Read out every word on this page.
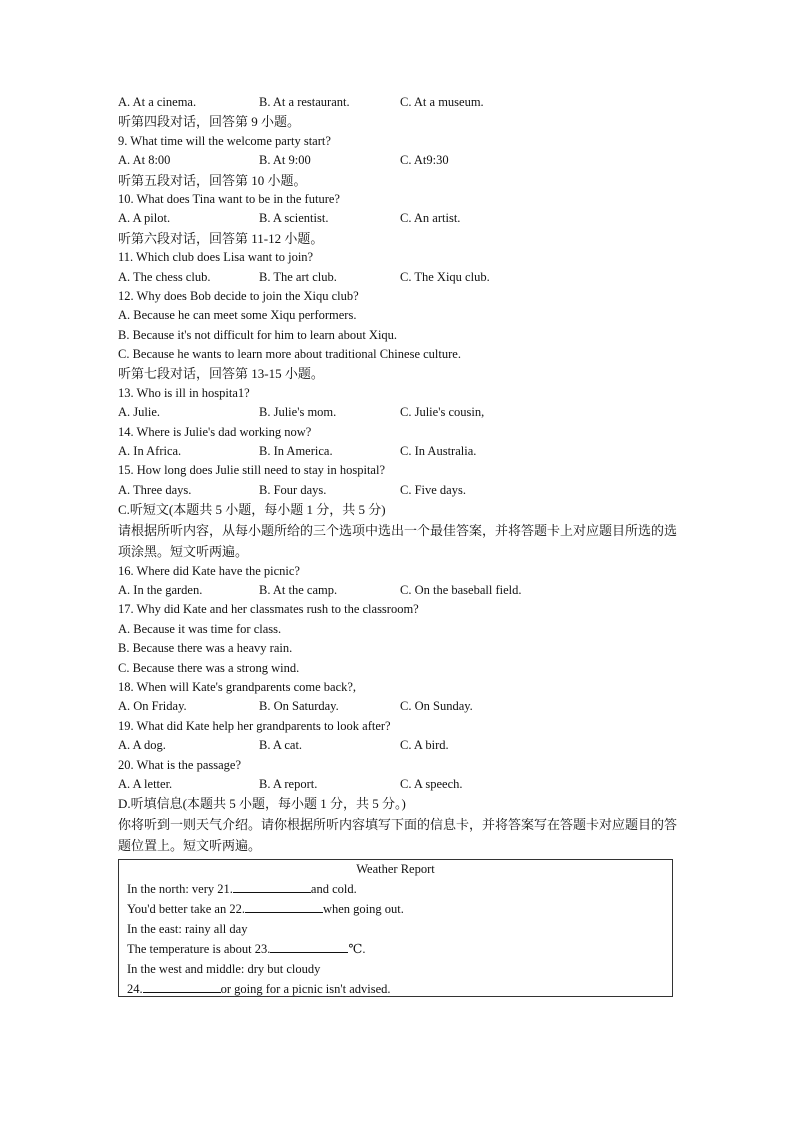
A. At a cinema.	B. At a restaurant.	C. At a museum.
听第四段对话，回答第 9 小题。
9. What time will the welcome party start?
A. At 8:00	B. At 9:00	C. At9:30
听第五段对话，回答第 10 小题。
10. What does Tina want to be in the future?
A. A pilot.	B. A scientist.	C. An artist.
听第六段对话，回答第 11-12 小题。
11. Which club does Lisa want to join?
A. The chess club.	B. The art club.	C. The Xiqu club.
12. Why does Bob decide to join the Xiqu club?
A. Because he can meet some Xiqu performers.
B. Because it's not difficult for him to learn about Xiqu.
C. Because he wants to learn more about traditional Chinese culture.
听第七段对话，回答第 13-15 小题。
13. Who is ill in hospita1?
A. Julie.	B. Julie's mom.	C. Julie's cousin,
14. Where is Julie's dad working now?
A. In Africa.	B. In America.	C. In Australia.
15. How long does Julie still need to stay in hospital?
A. Three days.	B. Four days.	C. Five days.
C.听短文(本题共 5 小题，每小题 1 分，共 5 分)
请根据所听内容，从每小题所给的三个选项中选出一个最佳答案，并将答题卡上对应题目所选的选项涂黑。短文听两遍。
16. Where did Kate have the picnic?
A. In the garden.	B. At the camp.	C. On the baseball field.
17. Why did Kate and her classmates rush to the classroom?
A. Because it was time for class.
B. Because there was a heavy rain.
C. Because there was a strong wind.
18. When will Kate's grandparents come back?,
A. On Friday.	B. On Saturday.	C. On Sunday.
19. What did Kate help her grandparents to look after?
A. A dog.	B. A cat.	C. A bird.
20. What is the passage?
A. A letter.	B. A report.	C. A speech.
D.听填信息(本题共 5 小题，每小题 1 分，共 5 分。)
你将听到一则天气介绍。请你根据所听内容填写下面的信息卡，并将答案写在答题卡对应题目的答题位置上。短文听两遍。
Weather Report
In the north: very 21.	and cold.
You'd better take an 22.	when going out.
In the east: rainy all day
The temperature is about 23.	℃.
In the west and middle: dry but cloudy
24.	or going for a picnic isn't advised.
